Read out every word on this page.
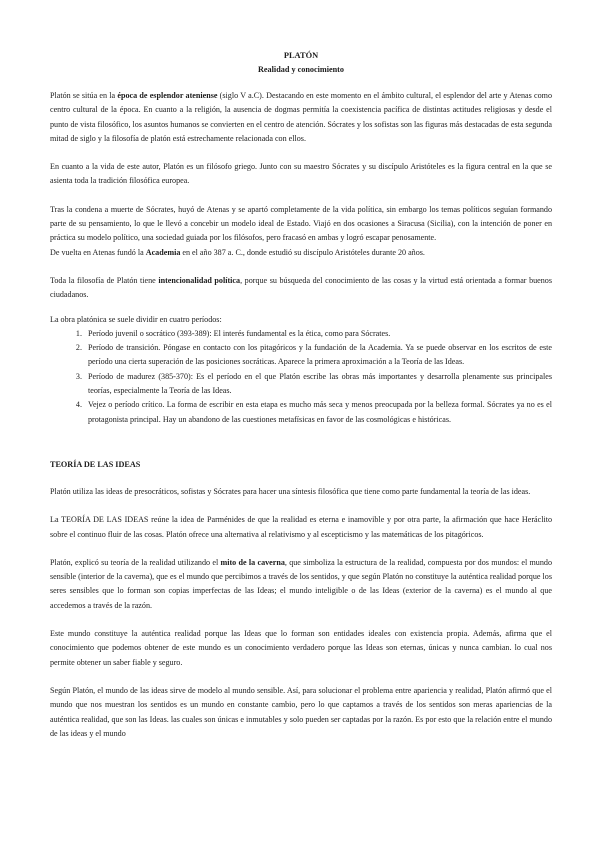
PLATÓN
Realidad y conocimiento

Platón se sitúa en la época de esplendor ateniense (siglo V a.C). Destacando en este momento en el ámbito cultural, el esplendor del arte y Atenas como centro cultural de la época. En cuanto a la religión, la ausencia de dogmas permitía la coexistencia pacífica de distintas actitudes religiosas y desde el punto de vista filosófico, los asuntos humanos se convierten en el centro de atención. Sócrates y los sofistas son las figuras más destacadas de esta segunda mitad de siglo y la filosofía de platón está estrechamente relacionada con ellos.

En cuanto a la vida de este autor, Platón es un filósofo griego. Junto con su maestro Sócrates y su discípulo Aristóteles es la figura central en la que se asienta toda la tradición filosófica europea.

Tras la condena a muerte de Sócrates, huyó de Atenas y se apartó completamente de la vida política, sin embargo los temas políticos seguían formando parte de su pensamiento, lo que le llevó a concebir un modelo ideal de Estado. Viajó en dos ocasiones a Siracusa (Sicilia), con la intención de poner en práctica su modelo político, una sociedad guiada por los filósofos, pero fracasó en ambas y logró escapar penosamente.

De vuelta en Atenas fundó la Academia en el año 387 a. C., donde estudió su discípulo Aristóteles durante 20 años.

Toda la filosofía de Platón tiene intencionalidad política, porque su búsqueda del conocimiento de las cosas y la virtud está orientada a formar buenos ciudadanos.

La obra platónica se suele dividir en cuatro períodos:

1. Período juvenil o socrático (393-389): El interés fundamental es la ética, como para Sócrates.
2. Período de transición. Póngase en contacto con los pitagóricos y la fundación de la Academia. Ya se puede observar en los escritos de este período una cierta superación de las posiciones socráticas. Aparece la primera aproximación a la Teoría de las Ideas.
3. Período de madurez (385-370): Es el período en el que Platón escribe las obras más importantes y desarrolla plenamente sus principales teorías, especialmente la Teoría de las Ideas.
4. Vejez o período crítico. La forma de escribir en esta etapa es mucho más seca y menos preocupada por la belleza formal. Sócrates ya no es el protagonista principal. Hay un abandono de las cuestiones metafísicas en favor de las cosmológicas e históricas.
TEORÍA DE LAS IDEAS

Platón utiliza las ideas de presocráticos, sofistas y Sócrates para hacer una síntesis filosófica que tiene como parte fundamental la teoría de las ideas.

La TEORÍA DE LAS IDEAS reúne la idea de Parménides de que la realidad es eterna e inamovible y por otra parte, la afirmación que hace Heráclito sobre el continuo fluir de las cosas. Platón ofrece una alternativa al relativismo y al escepticismo y las matemáticas de los pitagóricos.

Platón, explicó su teoría de la realidad utilizando el mito de la caverna, que simboliza la estructura de la realidad, compuesta por dos mundos: el mundo sensible (interior de la caverna), que es el mundo que percibimos a través de los sentidos, y que según Platón no constituye la auténtica realidad porque los seres sensibles que lo forman son copias imperfectas de las Ideas; el mundo inteligible o de las Ideas (exterior de la caverna) es el mundo al que accedemos a través de la razón.

Este mundo constituye la auténtica realidad porque las Ideas que lo forman son entidades ideales con existencia propia. Además, afirma que el conocimiento que podemos obtener de este mundo es un conocimiento verdadero porque las Ideas son eternas, únicas y nunca cambian. lo cual nos permite obtener un saber fiable y seguro.

Según Platón, el mundo de las ideas sirve de modelo al mundo sensible. Así, para solucionar el problema entre apariencia y realidad, Platón afirmó que el mundo que nos muestran los sentidos es un mundo en constante cambio, pero lo que captamos a través de los sentidos son meras apariencias de la auténtica realidad, que son las Ideas. las cuales son únicas e inmutables y solo pueden ser captadas por la razón. Es por esto que la relación entre el mundo de las ideas y el mundo
